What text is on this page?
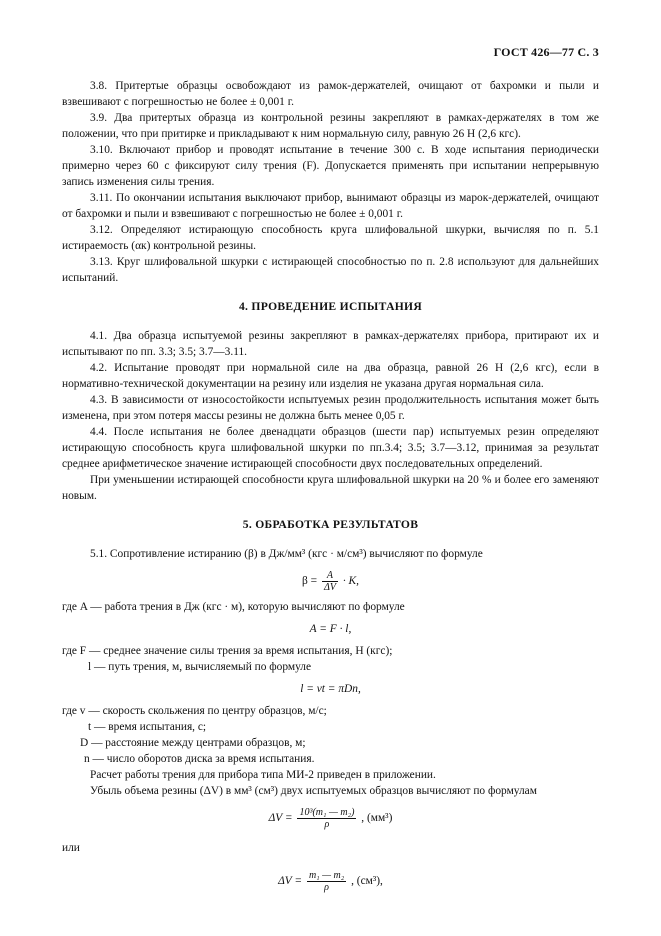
ГОСТ 426—77 С. 3

3.8. Притертые образцы освобождают из рамок-держателей, очищают от бахромки и пыли и взвешивают с погрешностью не более ± 0,001 г.

3.9. Два притертых образца из контрольной резины закрепляют в рамках-держателях в том же положении, что при притирке и прикладывают к ним нормальную силу, равную 26 Н (2,6 кгс).

3.10. Включают прибор и проводят испытание в течение 300 с. В ходе испытания периодически примерно через 60 с фиксируют силу трения (F). Допускается применять при испытании непрерывную запись изменения силы трения.

3.11. По окончании испытания выключают прибор, вынимают образцы из марок-держателей, очищают от бахромки и пыли и взвешивают с погрешностью не более ± 0,001 г.

3.12. Определяют истирающую способность круга шлифовальной шкурки, вычисляя по п. 5.1 истираемость (αк) контрольной резины.

3.13. Круг шлифовальной шкурки с истирающей способностью по п. 2.8 используют для дальнейших испытаний.

4. ПРОВЕДЕНИЕ ИСПЫТАНИЯ

4.1. Два образца испытуемой резины закрепляют в рамках-держателях прибора, притирают их и испытывают по пп. 3.3; 3.5; 3.7—3.11.

4.2. Испытание проводят при нормальной силе на два образца, равной 26 Н (2,6 кгс), если в нормативно-технической документации на резину или изделия не указана другая нормальная сила.

4.3. В зависимости от износостойкости испытуемых резин продолжительность испытания может быть изменена, при этом потеря массы резины не должна быть менее 0,05 г.

4.4. После испытания не более двенадцати образцов (шести пар) испытуемых резин определяют истирающую способность круга шлифовальной шкурки по пп.3.4; 3.5; 3.7—3.12, принимая за результат среднее арифметическое значение истирающей способности двух последовательных определений.

При уменьшении истирающей способности круга шлифовальной шкурки на 20 % и более его заменяют новым.

5. ОБРАБОТКА РЕЗУЛЬТАТОВ

5.1. Сопротивление истиранию (β) в Дж/мм³ (кгс · м/см³) вычисляют по формуле

$\beta = \frac{A}{\Delta V} \cdot K$,

где A — работа трения в Дж (кгс · м), которую вычисляют по формуле

A = F · l,

где F — среднее значение силы трения за время испытания, Н (кгс);

l — путь трения, м, вычисляемый по формуле

l = vt = πDn,

где v — скорость скольжения по центру образцов, м/с;

t — время испытания, с;

D — расстояние между центрами образцов, м;

n — число оборотов диска за время испытания.

Расчет работы трения для прибора типа МИ-2 приведен в приложении.

Убыль объема резины (ΔV) в мм³ (см³) двух испытуемых образцов вычисляют по формулам

$\Delta V = \frac{\text{10³(m₁ — m₂)}}{\rho}$ , (мм³)

или

$\Delta V = \frac{\text{m₁ — m₂}}{\rho}$ , (см³),
